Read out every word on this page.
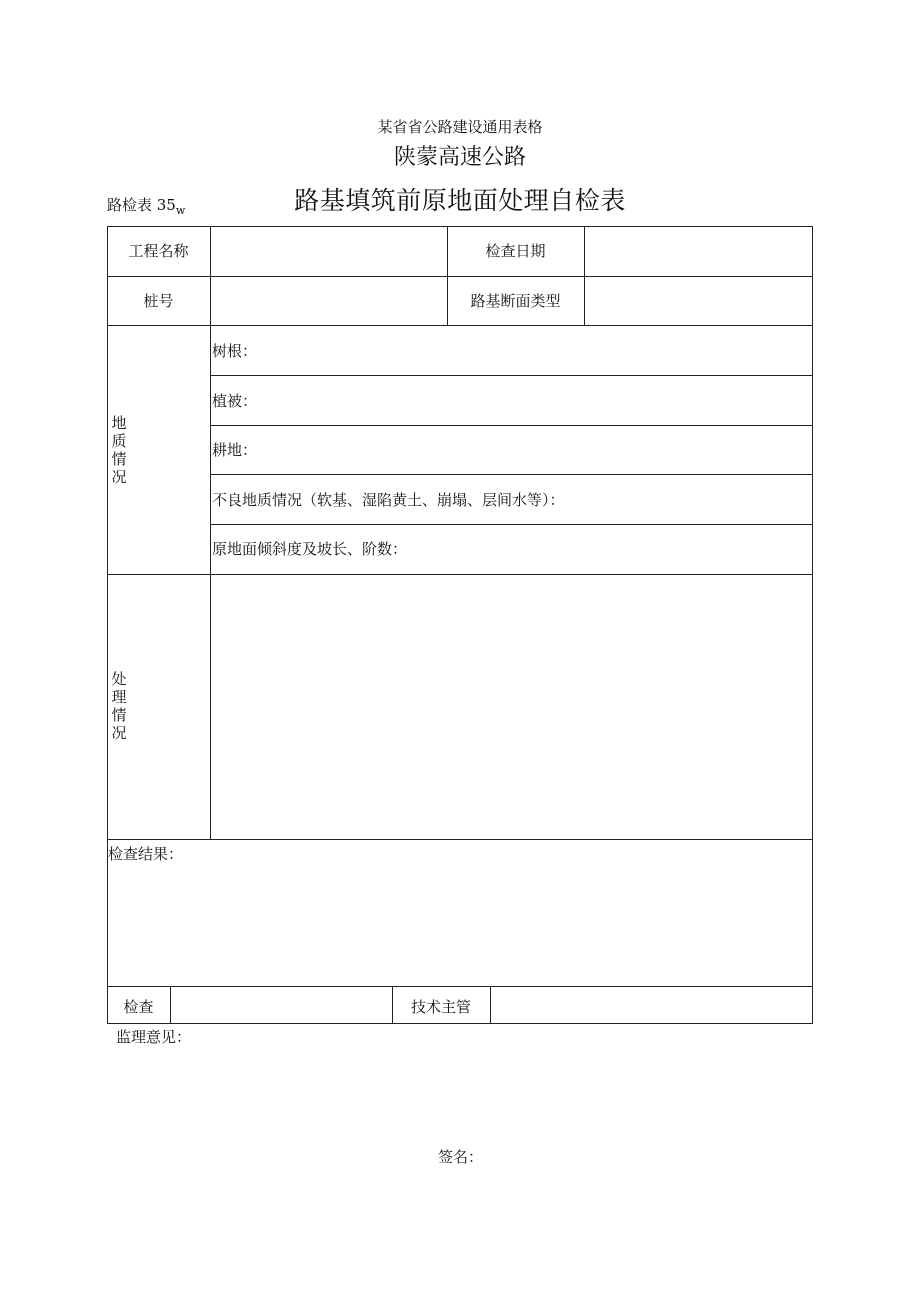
某省省公路建设通用表格
陕蒙高速公路
路检表 $35_w$	路基填筑前原地面处理自检表
工程名称	检查日期
桩号	路基断面类型
地质情况
树根：
植被：
耕地：
不良地质情况（软基、湿陷黄土、崩塌、层间水等）：
原地面倾斜度及坡长、阶数：
处理情况
检查结果：
检查	技术主管
监理意见：
签名：
